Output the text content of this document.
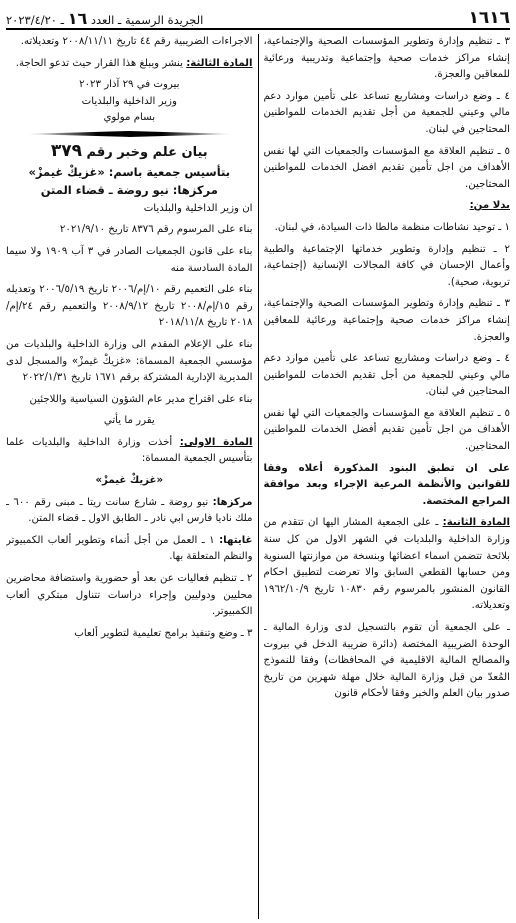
١٦١٦
الجريدة الرسمية ـ العدد ١٦ ـ ٢٠٢٣/٤/٢٠

٣ ـ تنظيم وإدارة وتطوير المؤسسات الصحية والإجتماعية، إنشاء مراكز خدمات صحية وإجتماعية وتدريبية ورعائية للمعاقين والعجزة.

٤ ـ وضع دراسات ومشاريع تساعد على تأمين موارد دعم مالي وعيني للجمعية من أجل تقديم الخدمات للمواطنين المحتاجين في لبنان.

٥ ـ تنظيم العلاقة مع المؤسسات والجمعيات التي لها نفس الأهداف من اجل تأمين تقديم افضل الخدمات للمواطنين المحتاجين.

بدلا من:

١ ـ توحيد نشاطات منظمة مالطا ذات السيادة، في لبنان.

٢ ـ تنظيم وإدارة وتطوير خدماتها الإجتماعية والطبية وأعمال الإحسان في كافة المجالات الإنسانية (إجتماعية، تربوية، صحية).

٣ ـ تنظيم وإدارة وتطوير المؤسسات الصحية والإجتماعية، إنشاء مراكز خدمات صحية وإجتماعية ورعائية للمعاقين والعجزة.

٤ ـ وضع دراسات ومشاريع تساعد على تأمين موارد دعم مالي وعيني للجمعية من أجل تقديم الخدمات للمواطنين المحتاجين في لبنان.

٥ ـ تنظيم العلاقة مع المؤسسات والجمعيات التي لها نفس الأهداف من اجل تأمين تقديم أفضل الخدمات للمواطنين المحتاجين.

على ان تطبق البنود المذكورة أعلاه وفقا للقوانين والأنظمة المرعية الإجراء وبعد موافقة المراجع المختصة.

المادة الثانية: ـ على الجمعية المشار اليها ان تتقدم من وزارة الداخلية والبلديات في الشهر الاول من كل سنة بلائحة تتضمن اسماء اعضائها وبنسخة من موازنتها السنوية ومن حسابها القطعي السابق والا تعرضت لتطبيق احكام القانون المنشور بالمرسوم رقم ١٠٨٣٠ تاريخ ١٩٦٢/١٠/٩ وتعديلاته.

ـ على الجمعية أن تقوم بالتسجيل لدى وزارة المالية ـ الوحدة الضريبية المختصة (دائرة ضريبة الدخل في بيروت والمصالح المالية الاقليمية في المحافظات) وفقا للنموذج المُعدّ من قبل وزارة المالية خلال مهلة شهرين من تاريخ صدور بيان العلم والخبر وفقا لأحكام قانون

الاجراءات الضريبية رقم ٤٤ تاريخ ٢٠٠٨/١١/١١ وتعديلاته.

المادة الثالثة: ينشر ويبلغ هذا القرار حيث تدعو الحاجة.

بيروت في ٢٩ آذار ٢٠٢٣

وزير الداخلية والبلديات

بسام مولوي

بيان علم وخبر رقم ٣٧٩

بتأسيس جمعية باسم: «غزيكْ غيمزْ»

مركزها: نيو روضة ـ قضاء المتن

ان وزير الداخلية والبلديات

بناء على المرسوم رقم ٨٣٧٦ تاريخ ٢٠٢١/٩/١٠

بناء على قانون الجمعيات الصادر في ٣ آب ١٩٠٩ ولا سيما المادة السادسة منه

بناء على التعميم رقم ١٠/إم/٢٠٠٦ تاريخ ٢٠٠٦/٥/١٩ وتعديله رقم ١٥/إم/٢٠٠٨ تاريخ ٢٠٠٨/٩/١٢ والتعميم رقم ٢٤/إم/٢٠١٨ تاريخ ٢٠١٨/١١/٨

بناء على الإعلام المقدم الى وزارة الداخلية والبلديات من مؤسسي الجمعية المسماة: «غزيكْ غيمزْ» والمسجل لدى المديرية الإدارية المشتركة برقم ١٦٧١ تاريخ ٢٠٢٢/١/٣١

بناء على اقتراح مدير عام الشؤون السياسية واللاجئين

يقرر ما يأتي

المادة الاولى: أخذت وزارة الداخلية والبلديات علما بتأسيس الجمعية المسماة:

«غزيكْ غيمزْ»

مركزها: نيو روضة ـ شارع سانت ريتا ـ مبنى رقم ٦٠٠ ـ ملك ناديا فارس ابي نادر ـ الطابق الاول ـ قضاء المتن.

غايتها: ١ ـ العمل من أجل أنماء وتطوير ألعاب الكمبيوتر والنظم المتعلقة بها.

٢ ـ تنظيم فعاليات عن بعد أو حضورية واستضافة محاضرين محليين ودوليين وإجراء دراسات تتناول مبتكري ألعاب الكمبيوتر.

٣ ـ وضع وتنفيذ برامج تعليمية لتطوير ألعاب
